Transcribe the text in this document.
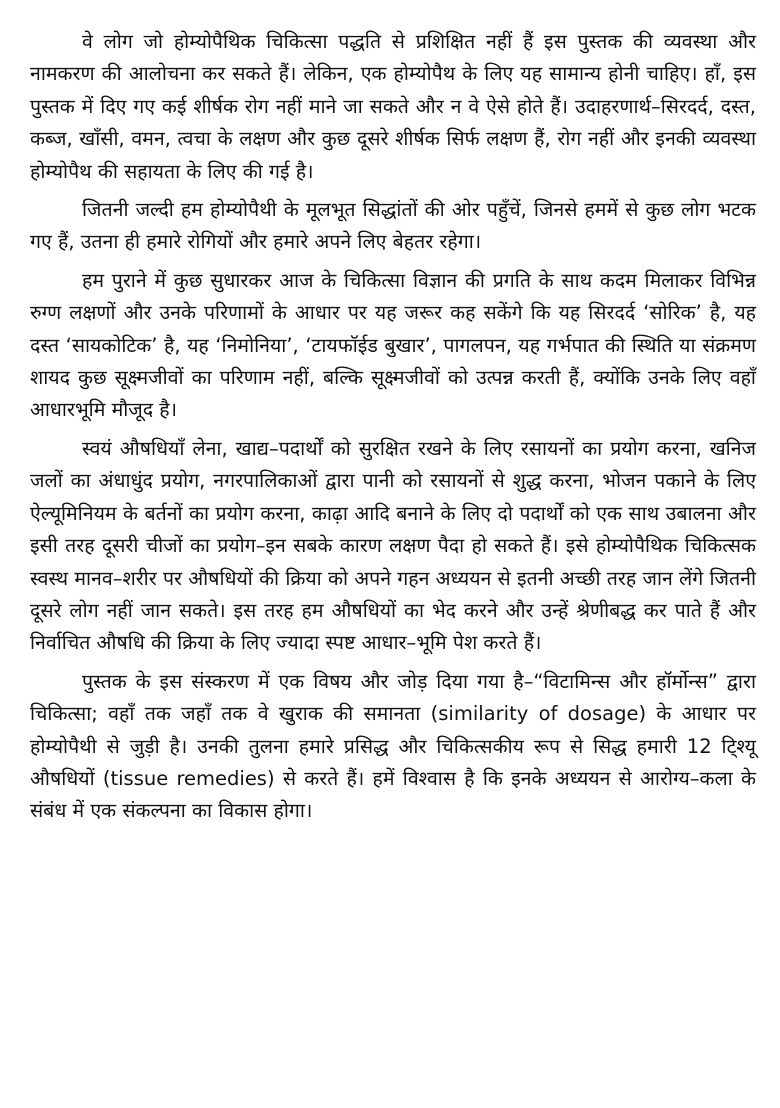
वे लोग जो होम्योपैथिक चिकित्सा पद्धति से प्रशिक्षित नहीं हैं इस पुस्तक की व्यवस्था और नामकरण की आलोचना कर सकते हैं। लेकिन, एक होम्योपैथ के लिए यह सामान्य होनी चाहिए। हाँ, इस पुस्तक में दिए गए कई शीर्षक रोग नहीं माने जा सकते और न वे ऐसे होते हैं। उदाहरणार्थ–सिरदर्द, दस्त, कब्ज, खाँसी, वमन, त्वचा के लक्षण और कुछ दूसरे शीर्षक सिर्फ लक्षण हैं, रोग नहीं और इनकी व्यवस्था होम्योपैथ की सहायता के लिए की गई है।

जितनी जल्दी हम होम्योपैथी के मूलभूत सिद्धांतों की ओर पहुँचें, जिनसे हममें से कुछ लोग भटक गए हैं, उतना ही हमारे रोगियों और हमारे अपने लिए बेहतर रहेगा।

हम पुराने में कुछ सुधारकर आज के चिकित्सा विज्ञान की प्रगति के साथ कदम मिलाकर विभिन्न रुग्ण लक्षणों और उनके परिणामों के आधार पर यह जरूर कह सकेंगे कि यह सिरदर्द ‘सोरिक’ है, यह दस्त ‘सायकोटिक’ है, यह ‘निमोनिया’, ‘टायफॉईड बुखार’, पागलपन, यह गर्भपात की स्थिति या संक्रमण शायद कुछ सूक्ष्मजीवों का परिणाम नहीं, बल्कि सूक्ष्मजीवों को उत्पन्न करती हैं, क्योंकि उनके लिए वहाँ आधारभूमि मौजूद है।

स्वयं औषधियाँ लेना, खाद्य–पदार्थों को सुरक्षित रखने के लिए रसायनों का प्रयोग करना, खनिज जलों का अंधाधुंद प्रयोग, नगरपालिकाओं द्वारा पानी को रसायनों से शुद्ध करना, भोजन पकाने के लिए ऐल्यूमिनियम के बर्तनों का प्रयोग करना, काढ़ा आदि बनाने के लिए दो पदार्थों को एक साथ उबालना और इसी तरह दूसरी चीजों का प्रयोग–इन सबके कारण लक्षण पैदा हो सकते हैं। इसे होम्योपैथिक चिकित्सक स्वस्थ मानव–शरीर पर औषधियों की क्रिया को अपने गहन अध्ययन से इतनी अच्छी तरह जान लेंगे जितनी दूसरे लोग नहीं जान सकते। इस तरह हम औषधियों का भेद करने और उन्हें श्रेणीबद्ध कर पाते हैं और निर्वाचित औषधि की क्रिया के लिए ज्यादा स्पष्ट आधार–भूमि पेश करते हैं।

पुस्तक के इस संस्करण में एक विषय और जोड़ दिया गया है–“विटामिन्स और हॉर्मोन्स” द्वारा चिकित्सा; वहाँ तक जहाँ तक वे खुराक की समानता (similarity of dosage) के आधार पर होम्योपैथी से जुड़ी है। उनकी तुलना हमारे प्रसिद्ध और चिकित्सकीय रूप से सिद्ध हमारी 12 टि्श्यू औषधियों (tissue remedies) से करते हैं। हमें विश्वास है कि इनके अध्ययन से आरोग्य–कला के संबंध में एक संकल्पना का विकास होगा।
